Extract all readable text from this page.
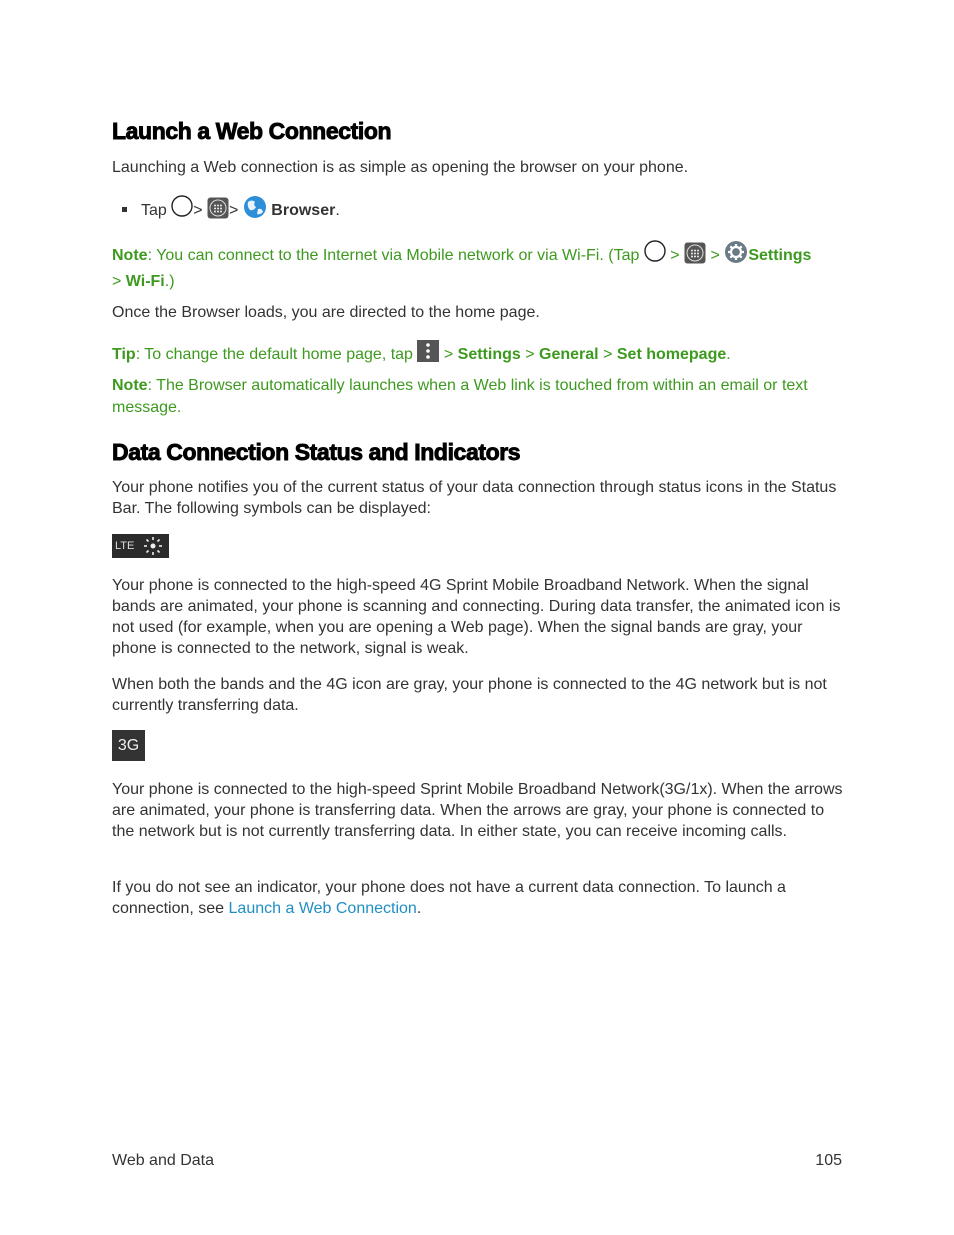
Launch a Web Connection

Launching a Web connection is as simple as opening the browser on your phone.

Tap > > Browser.

Note: You can connect to the Internet via Mobile network or via Wi-Fi. (Tap > > Settings
> Wi-Fi.)

Once the Browser loads, you are directed to the home page.

Tip: To change the default home page, tap > Settings > General > Set homepage.

Note: The Browser automatically launches when a Web link is touched from within an email or text message.

Data Connection Status and Indicators

Your phone notifies you of the current status of your data connection through status icons in the Status Bar. The following symbols can be displayed:

LTE

Your phone is connected to the high-speed 4G Sprint Mobile Broadband Network. When the signal bands are animated, your phone is scanning and connecting. During data transfer, the animated icon is not used (for example, when you are opening a Web page). When the signal bands are gray, your phone is connected to the network, signal is weak.

When both the bands and the 4G icon are gray, your phone is connected to the 4G network but is not currently transferring data.

3G

Your phone is connected to the high-speed Sprint Mobile Broadband Network(3G/1x). When the arrows are animated, your phone is transferring data. When the arrows are gray, your phone is connected to the network but is not currently transferring data. In either state, you can receive incoming calls.

If you do not see an indicator, your phone does not have a current data connection. To launch a connection, see Launch a Web Connection.

Web and Data	105
